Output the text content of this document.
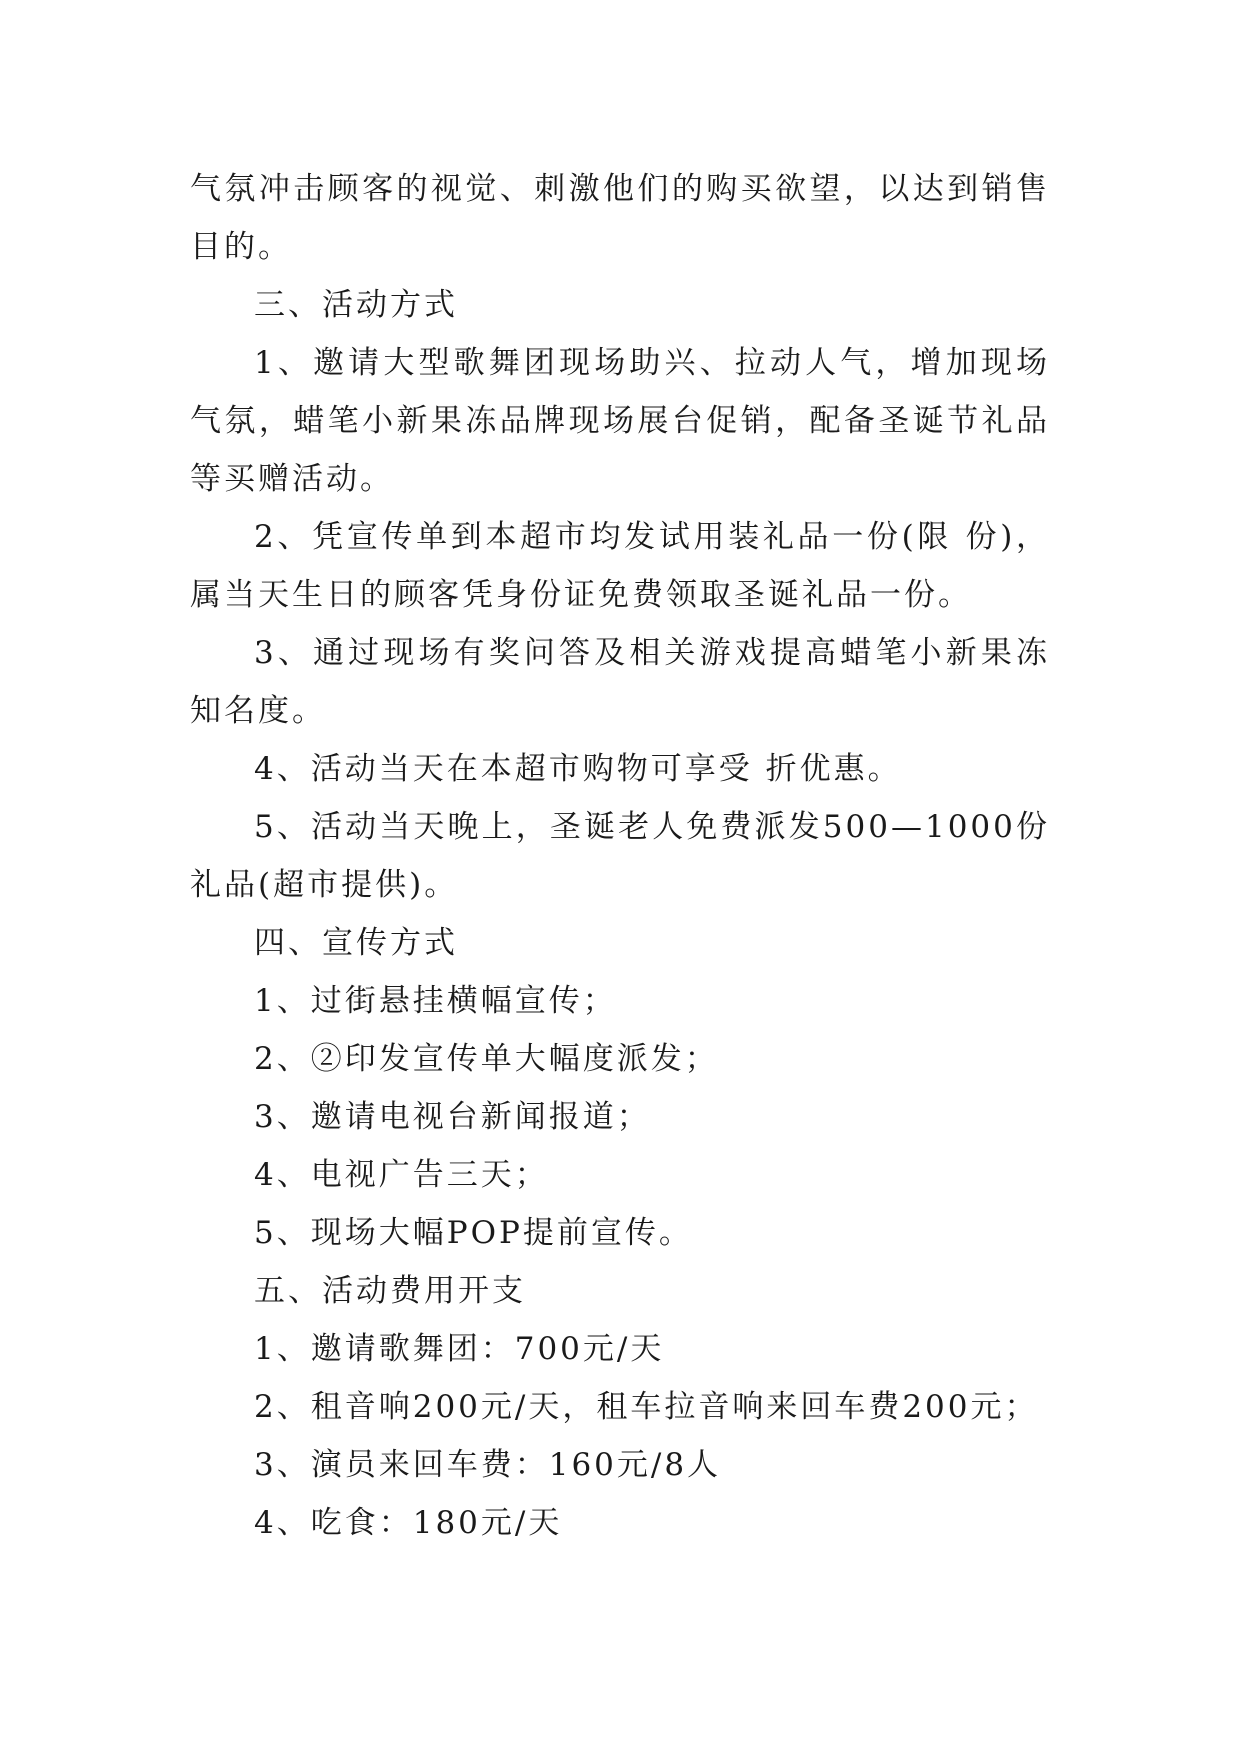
气氛冲击顾客的视觉、刺激他们的购买欲望，以达到销售目的。

三、活动方式

1、邀请大型歌舞团现场助兴、拉动人气，增加现场气氛，蜡笔小新果冻品牌现场展台促销，配备圣诞节礼品等买赠活动。

2、凭宣传单到本超市均发试用装礼品一份(限 份)，属当天生日的顾客凭身份证免费领取圣诞礼品一份。

3、通过现场有奖问答及相关游戏提高蜡笔小新果冻知名度。

4、活动当天在本超市购物可享受 折优惠。

5、活动当天晚上，圣诞老人免费派发500—1000份礼品(超市提供)。

四、宣传方式

1、过街悬挂横幅宣传；

2、②印发宣传单大幅度派发；

3、邀请电视台新闻报道；

4、电视广告三天；

5、现场大幅POP提前宣传。

五、活动费用开支

1、邀请歌舞团：700元/天

2、租音响200元/天，租车拉音响来回车费200元；

3、演员来回车费：160元/8人

4、吃食：180元/天
